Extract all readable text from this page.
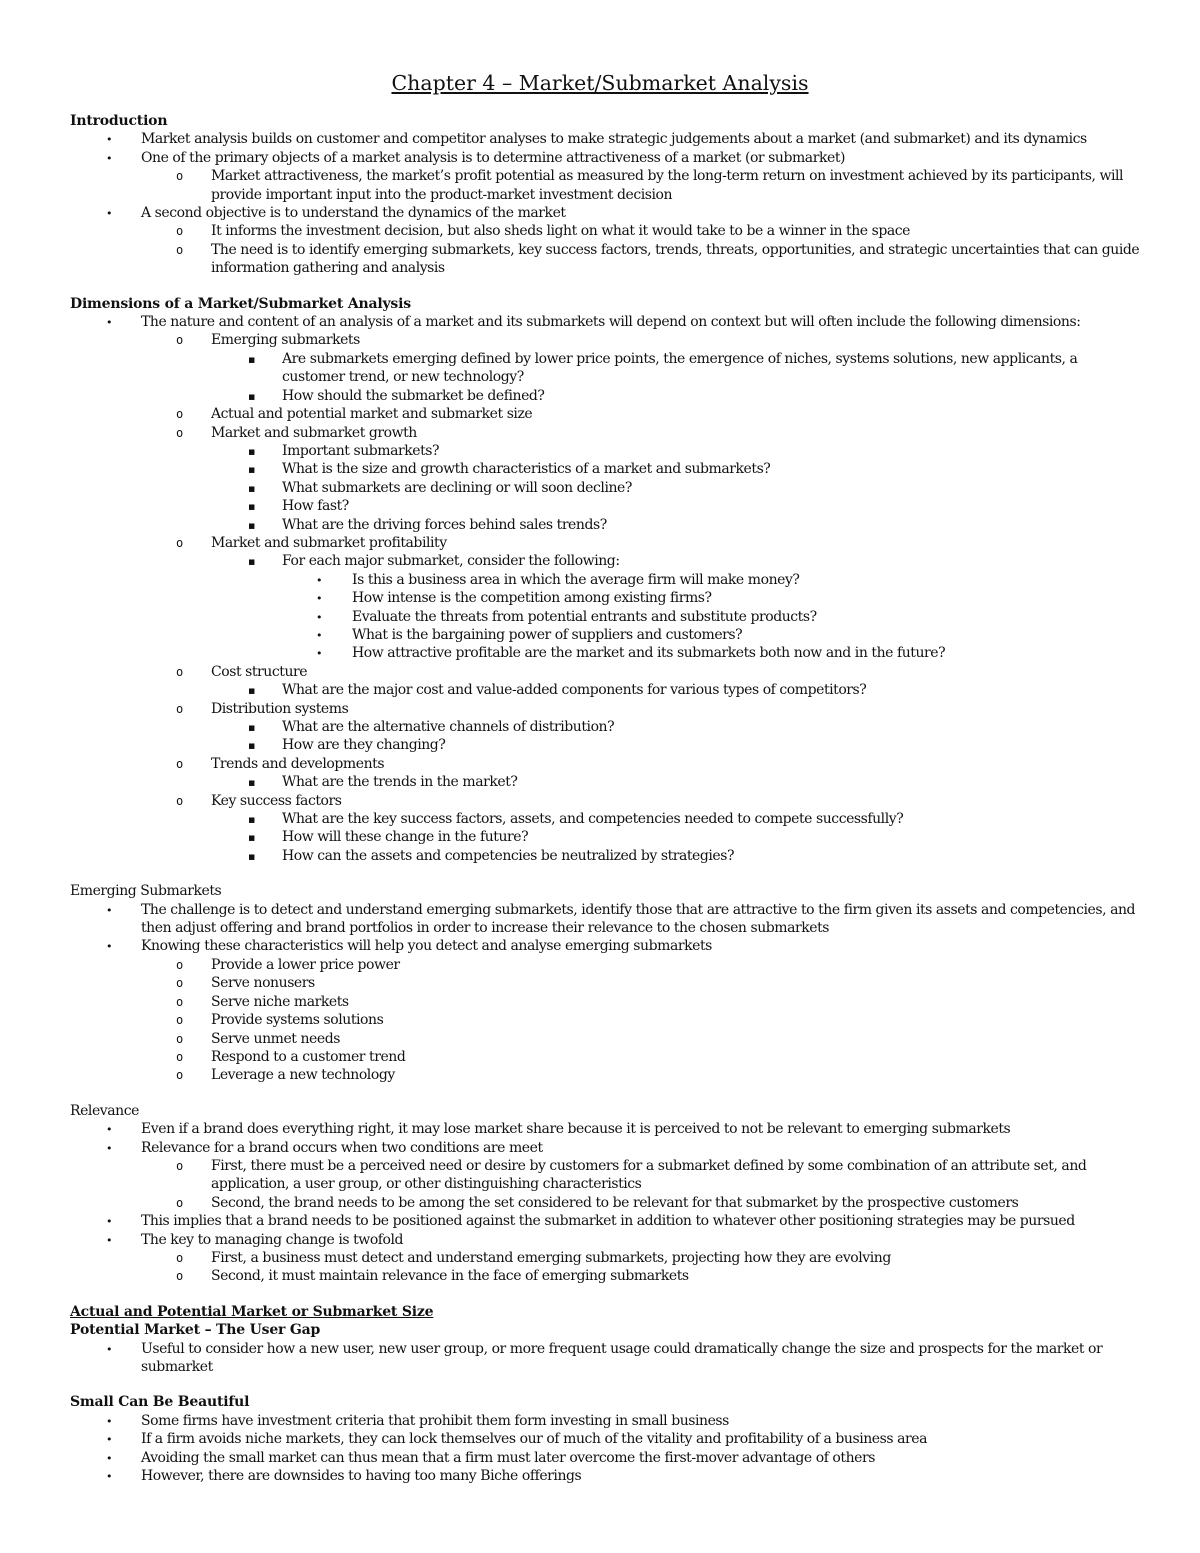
Chapter 4 – Market/Submarket Analysis
Introduction
•
Market analysis builds on customer and competitor analyses to make strategic judgements about a market (and submarket) and its dynamics
•
One of the primary objects of a market analysis is to determine attractiveness of a market (or submarket)
o
Market attractiveness, the market’s profit potential as measured by the long-term return on investment achieved by its participants, will provide important input into the product-market investment decision
•
A second objective is to understand the dynamics of the market
o
It informs the investment decision, but also sheds light on what it would take to be a winner in the space
o
The need is to identify emerging submarkets, key success factors, trends, threats, opportunities, and strategic uncertainties that can guide information gathering and analysis
Dimensions of a Market/Submarket Analysis
•
The nature and content of an analysis of a market and its submarkets will depend on context but will often include the following dimensions:
o
Emerging submarkets
▪
Are submarkets emerging defined by lower price points, the emergence of niches, systems solutions, new applicants, a customer trend, or new technology?
▪
How should the submarket be defined?
o
Actual and potential market and submarket size
o
Market and submarket growth
▪
Important submarkets?
▪
What is the size and growth characteristics of a market and submarkets?
▪
What submarkets are declining or will soon decline?
▪
How fast?
▪
What are the driving forces behind sales trends?
o
Market and submarket profitability
▪
For each major submarket, consider the following:
•
Is this a business area in which the average firm will make money?
•
How intense is the competition among existing firms?
•
Evaluate the threats from potential entrants and substitute products?
•
What is the bargaining power of suppliers and customers?
•
How attractive profitable are the market and its submarkets both now and in the future?
o
Cost structure
▪
What are the major cost and value-added components for various types of competitors?
o
Distribution systems
▪
What are the alternative channels of distribution?
▪
How are they changing?
o
Trends and developments
▪
What are the trends in the market?
o
Key success factors
▪
What are the key success factors, assets, and competencies needed to compete successfully?
▪
How will these change in the future?
▪
How can the assets and competencies be neutralized by strategies?
Emerging Submarkets
•
The challenge is to detect and understand emerging submarkets, identify those that are attractive to the firm given its assets and competencies, and then adjust offering and brand portfolios in order to increase their relevance to the chosen submarkets
•
Knowing these characteristics will help you detect and analyse emerging submarkets
o
Provide a lower price power
o
Serve nonusers
o
Serve niche markets
o
Provide systems solutions
o
Serve unmet needs
o
Respond to a customer trend
o
Leverage a new technology
Relevance
•
Even if a brand does everything right, it may lose market share because it is perceived to not be relevant to emerging submarkets
•
Relevance for a brand occurs when two conditions are meet
o
First, there must be a perceived need or desire by customers for a submarket defined by some combination of an attribute set, and application, a user group, or other distinguishing characteristics
o
Second, the brand needs to be among the set considered to be relevant for that submarket by the prospective customers
•
This implies that a brand needs to be positioned against the submarket in addition to whatever other positioning strategies may be pursued
•
The key to managing change is twofold
o
First, a business must detect and understand emerging submarkets, projecting how they are evolving
o
Second, it must maintain relevance in the face of emerging submarkets
Actual and Potential Market or Submarket Size
Potential Market – The User Gap
•
Useful to consider how a new user, new user group, or more frequent usage could dramatically change the size and prospects for the market or submarket
Small Can Be Beautiful
•
Some firms have investment criteria that prohibit them form investing in small business
•
If a firm avoids niche markets, they can lock themselves our of much of the vitality and profitability of a business area
•
Avoiding the small market can thus mean that a firm must later overcome the first-mover advantage of others
•
However, there are downsides to having too many Biche offerings
